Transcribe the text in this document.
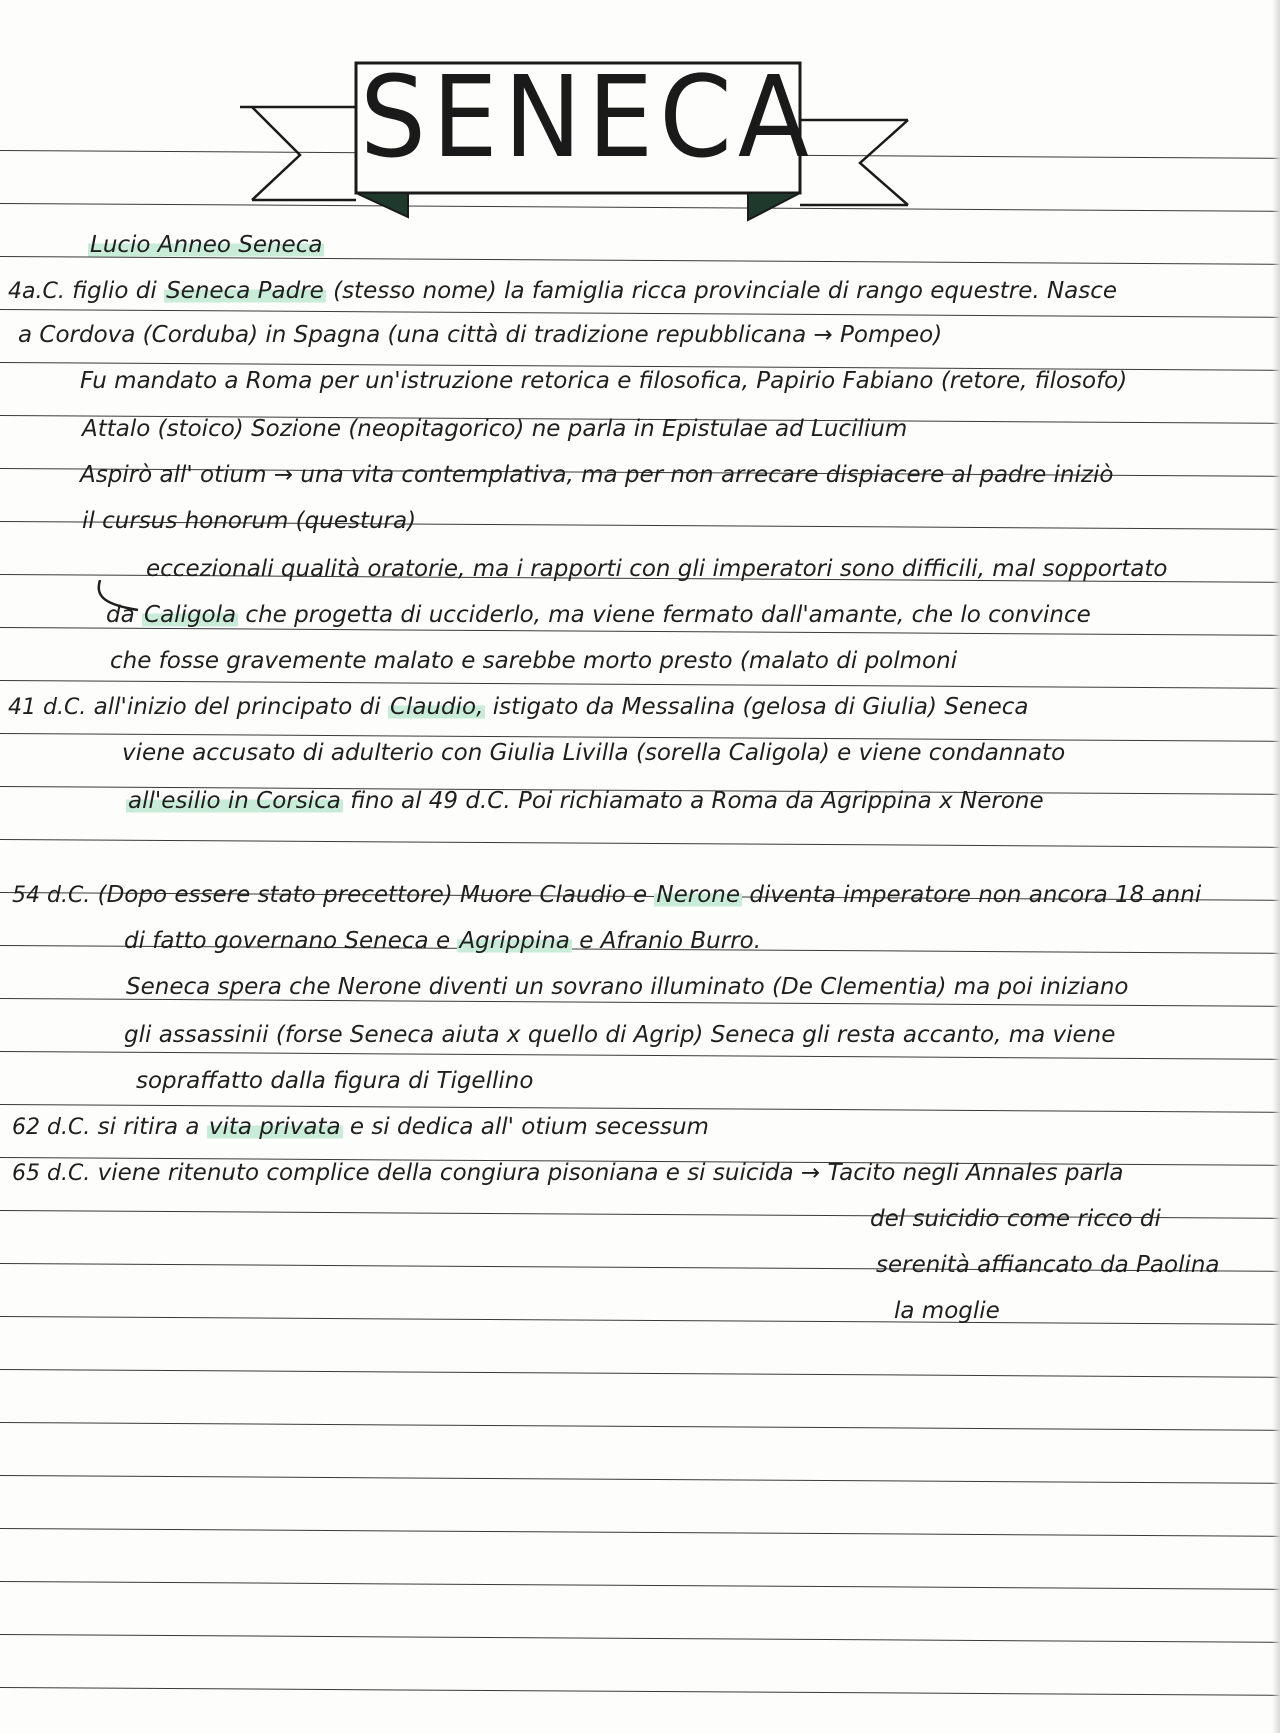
SENECA
Lucio Anneo Seneca
4a.C. figlio di Seneca Padre (stesso nome) la famiglia ricca provinciale di rango equestre. Nasce
a Cordova (Corduba) in Spagna (una città di tradizione repubblicana → Pompeo)
Fu mandato a Roma per un'istruzione retorica e filosofica, Papirio Fabiano (retore, filosofo)
Attalo (stoico) Sozione (neopitagorico) ne parla in Epistulae ad Lucilium
Aspirò all' otium → una vita contemplativa, ma per non arrecare dispiacere al padre iniziò
il cursus honorum (questura)
eccezionali qualità oratorie, ma i rapporti con gli imperatori sono difficili, mal sopportato
da Caligola che progetta di ucciderlo, ma viene fermato dall'amante, che lo convince
che fosse gravemente malato e sarebbe morto presto (malato di polmoni
41 d.C. all'inizio del principato di Claudio, istigato da Messalina (gelosa di Giulia) Seneca
viene accusato di adulterio con Giulia Livilla (sorella Caligola) e viene condannato
all'esilio in Corsica fino al 49 d.C. Poi richiamato a Roma da Agrippina x Nerone
54 d.C. (Dopo essere stato precettore) Muore Claudio e Nerone diventa imperatore non ancora 18 anni
di fatto governano Seneca e Agrippina e Afranio Burro.
Seneca spera che Nerone diventi un sovrano illuminato (De Clementia) ma poi iniziano
gli assassinii (forse Seneca aiuta x quello di Agrip) Seneca gli resta accanto, ma viene
sopraffatto dalla figura di Tigellino
62 d.C. si ritira a vita privata e si dedica all' otium secessum
65 d.C. viene ritenuto complice della congiura pisoniana e si suicida → Tacito negli Annales parla
del suicidio come ricco di
serenità affiancato da Paolina
la moglie
